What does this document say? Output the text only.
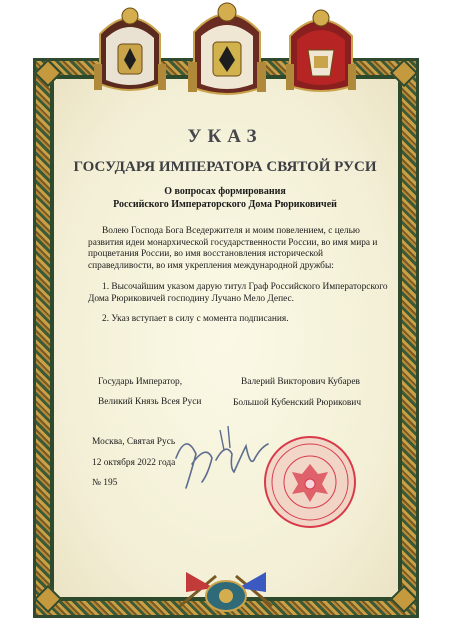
УКАЗ
ГОСУДАРЯ ИМПЕРАТОРА СВЯТОЙ РУСИ
О вопросах формирования
Российского Императорского Дома Рюриковичей
Волею Господа Бога Вседержителя и моим повелением, с целью развития идеи монархической государственности России, во имя мира и процветания России, во имя восстановления исторической справедливости, во имя укрепления международной дружбы:
1. Высочайшим указом дарую титул Граф Российского Императорского Дома Рюриковичей господину Лучано Мело Депес.
2. Указ вступает в силу с момента подписания.
Государь Император,
Великий Князь Всея Руси
Валерий Викторович Кубарев
Большой Кубенский Рюрикович
Москва, Святая Русь
12 октября 2022 года
№ 195
